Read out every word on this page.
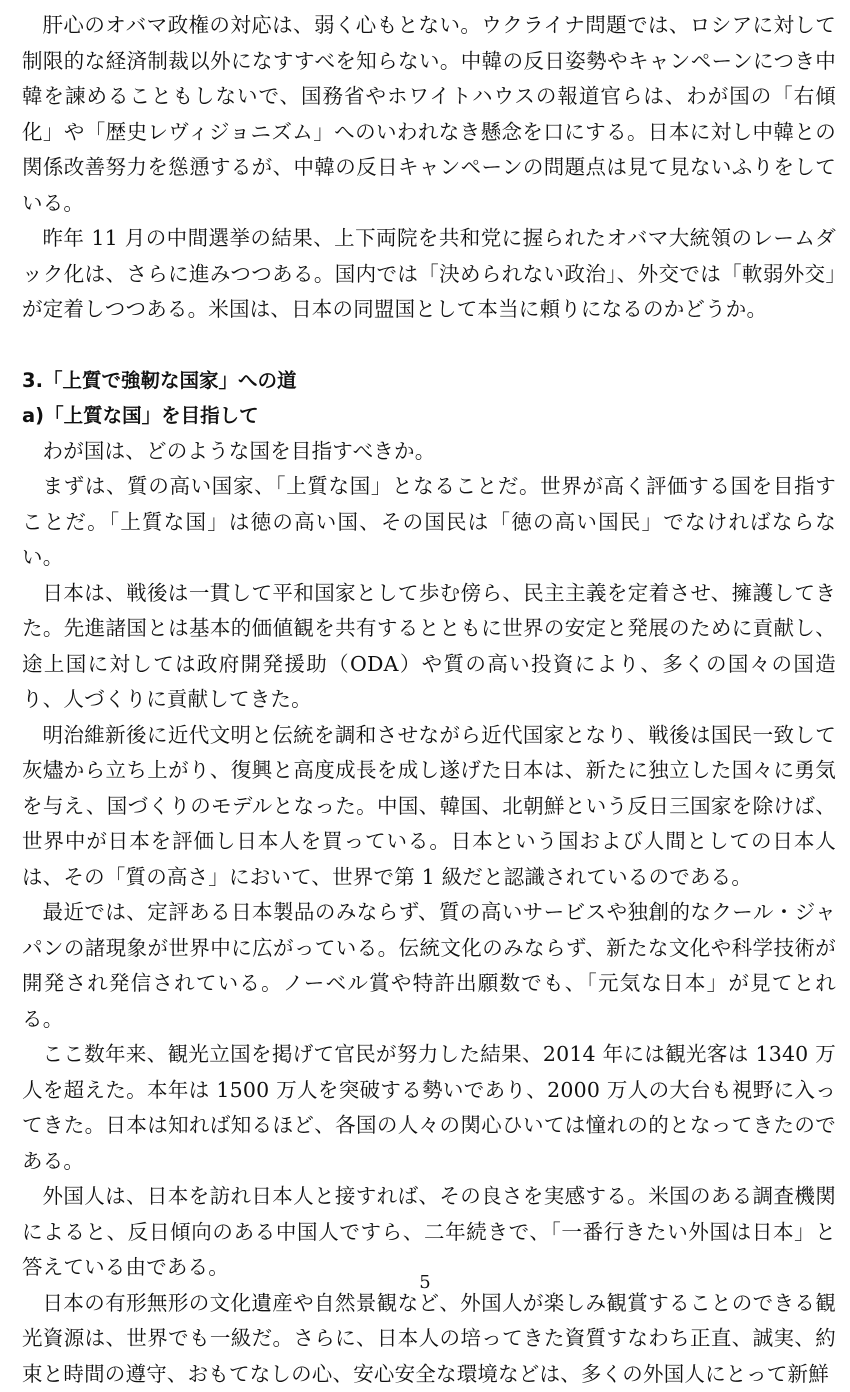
肝心のオバマ政権の対応は、弱く心もとない。ウクライナ問題では、ロシアに対して制限的な経済制裁以外になすすべを知らない。中韓の反日姿勢やキャンペーンにつき中韓を諫めることもしないで、国務省やホワイトハウスの報道官らは、わが国の「右傾化」や「歴史レヴィジョニズム」へのいわれなき懸念を口にする。日本に対し中韓との関係改善努力を慫慂するが、中韓の反日キャンペーンの問題点は見て見ないふりをしている。

昨年 11 月の中間選挙の結果、上下両院を共和党に握られたオバマ大統領のレームダック化は、さらに進みつつある。国内では「決められない政治」、外交では「軟弱外交」が定着しつつある。米国は、日本の同盟国として本当に頼りになるのかどうか。

3.「上質で強靭な国家」への道
a)「上質な国」を目指して

わが国は、どのような国を目指すべきか。

まずは、質の高い国家、「上質な国」となることだ。世界が高く評価する国を目指すことだ。「上質な国」は徳の高い国、その国民は「徳の高い国民」でなければならない。

日本は、戦後は一貫して平和国家として歩む傍ら、民主主義を定着させ、擁護してきた。先進諸国とは基本的価値観を共有するとともに世界の安定と発展のために貢献し、途上国に対しては政府開発援助（ODA）や質の高い投資により、多くの国々の国造り、人づくりに貢献してきた。

明治維新後に近代文明と伝統を調和させながら近代国家となり、戦後は国民一致して灰燼から立ち上がり、復興と高度成長を成し遂げた日本は、新たに独立した国々に勇気を与え、国づくりのモデルとなった。中国、韓国、北朝鮮という反日三国家を除けば、世界中が日本を評価し日本人を買っている。日本という国および人間としての日本人は、その「質の高さ」において、世界で第 1 級だと認識されているのである。

最近では、定評ある日本製品のみならず、質の高いサービスや独創的なクール・ジャパンの諸現象が世界中に広がっている。伝統文化のみならず、新たな文化や科学技術が開発され発信されている。ノーベル賞や特許出願数でも、「元気な日本」が見てとれる。

ここ数年来、観光立国を掲げて官民が努力した結果、2014 年には観光客は 1340 万人を超えた。本年は 1500 万人を突破する勢いであり、2000 万人の大台も視野に入ってきた。日本は知れば知るほど、各国の人々の関心ひいては憧れの的となってきたのである。

外国人は、日本を訪れ日本人と接すれば、その良さを実感する。米国のある調査機関によると、反日傾向のある中国人ですら、二年続きで、「一番行きたい外国は日本」と答えている由である。

日本の有形無形の文化遺産や自然景観など、外国人が楽しみ観賞することのできる観光資源は、世界でも一級だ。さらに、日本人の培ってきた資質すなわち正直、誠実、約束と時間の遵守、おもてなしの心、安心安全な環境などは、多くの外国人にとって新鮮

5
